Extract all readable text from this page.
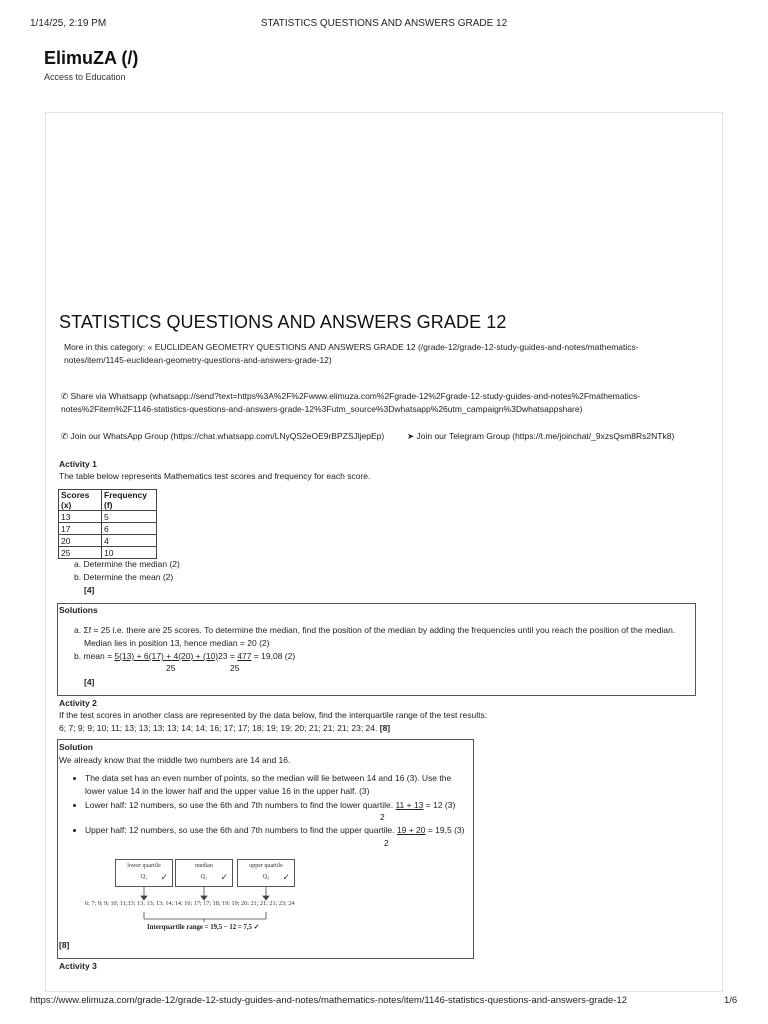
1/14/25, 2:19 PM	STATISTICS QUESTIONS AND ANSWERS GRADE 12
ElimuZA (/)
Access to Education
STATISTICS QUESTIONS AND ANSWERS GRADE 12
More in this category: « EUCLIDEAN GEOMETRY QUESTIONS AND ANSWERS GRADE 12 (/grade-12/grade-12-study-guides-and-notes/mathematics-
notes/item/1145-euclidean-geometry-questions-and-answers-grade-12)
✆ Share via Whatsapp (whatsapp://send?text=https%3A%2F%2Fwww.elimuza.com%2Fgrade-12%2Fgrade-12-study-guides-and-notes%2Fmathematics-
notes%2Fitem%2F1146-statistics-questions-and-answers-grade-12%3Futm_source%3Dwhatsapp%26utm_campaign%3Dwhatsappshare)
✆ Join our WhatsApp Group (https://chat.whatsapp.com/LNyQS2eOE9rBPZSJljepEp)	➤ Join our Telegram Group (https://t.me/joinchat/_9xzsQsm8Rs2NTk8)
Activity 1
The table below represents Mathematics test scores and frequency for each score.
Scores (x)	Frequency (f)
13	5
17	6
20	4
25	10
a. Determine the median (2)
b. Determine the mean (2)
[4]
Solutions
a. Σf = 25 i.e. there are 25 scores. To determine the median, find the position of the median by adding the frequencies until you reach the position of the median.
Median lies in position 13, hence median = 20 (2)
b. mean = 5(13) + 6(17) + 4(20) + (10)23 = 477 = 19,08 (2)
25	25
[4]
Activity 2
If the test scores in another class are represented by the data below, find the interquartile range of the test results:
6; 7; 9; 9; 10; 11; 13; 13; 13; 13; 14; 14; 16; 17; 17; 18; 19; 19; 20; 21; 21; 21; 23; 24. [8]
Solution
We already know that the middle two numbers are 14 and 16.
• The data set has an even number of points, so the median will lie between 14 and 16 (3). Use the
lower value 14 in the lower half and the upper value 16 in the upper half. (3)
• Lower half: 12 numbers, so use the 6th and 7th numbers to find the lower quartile. 11 + 13 = 12 (3)
2
• Upper half: 12 numbers, so use the 6th and 7th numbers to find the upper quartile. 19 + 20 = 19,5 (3)
2
lower quartile
Q₁	✓
median
Q₂	✓
upper quartile
Q₃	✓
6; 7; 9; 9; 10; 11;13; 13; 13; 13; 14; 14; 16; 17; 17; 18; 19; 19; 20; 21; 21; 21; 23; 24
Interquartile range = 19,5 − 12 = 7,5 ✓
[8]
Activity 3
https://www.elimuza.com/grade-12/grade-12-study-guides-and-notes/mathematics-notes/item/1146-statistics-questions-and-answers-grade-12	1/6
